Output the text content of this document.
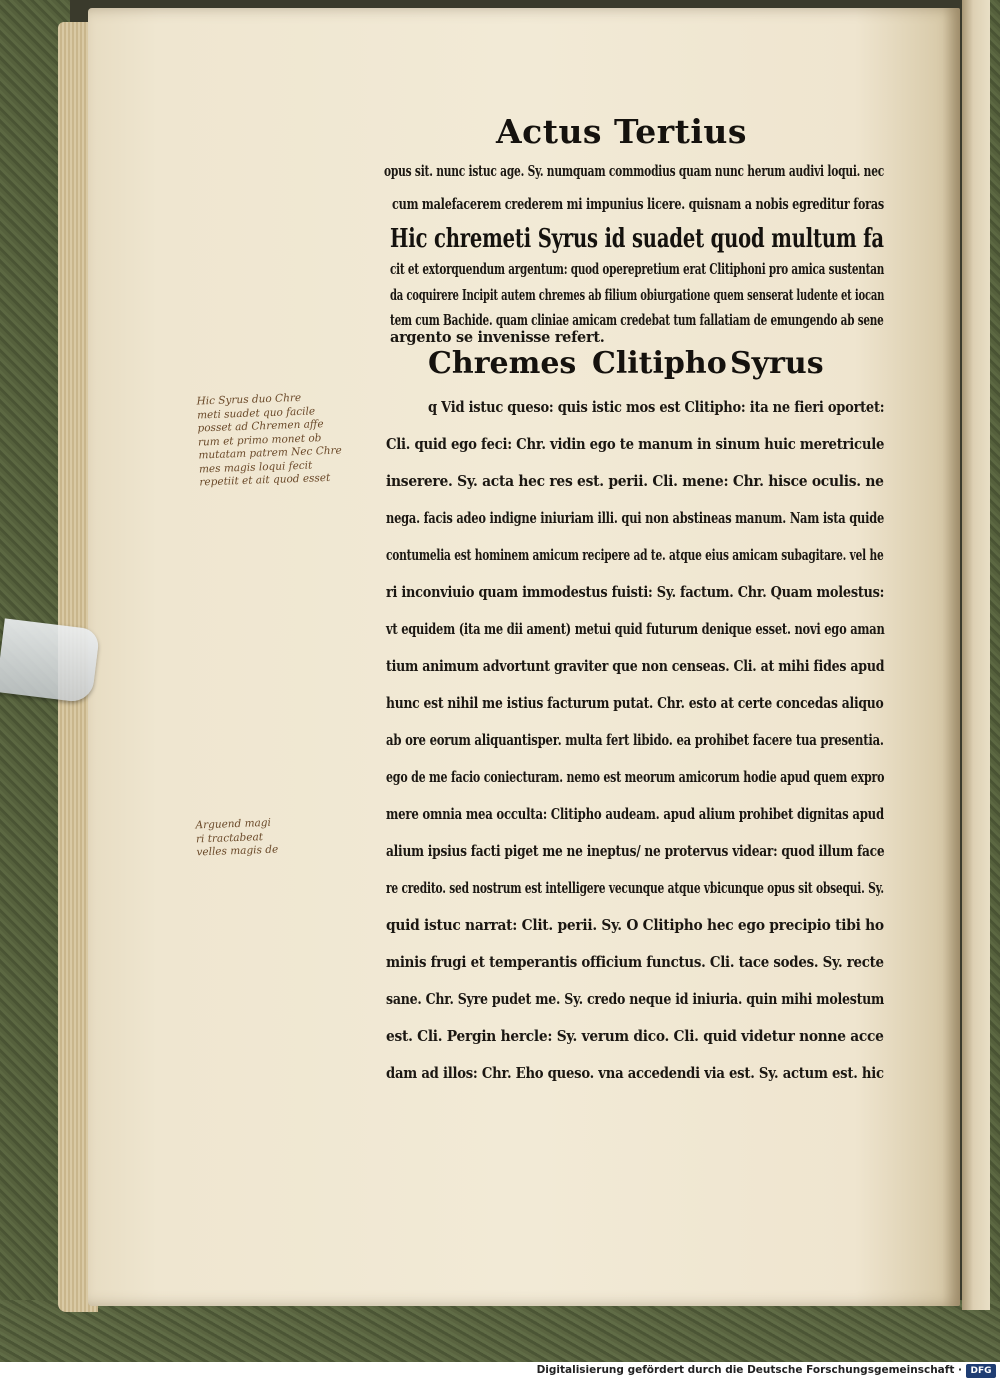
Actus Tertius
opus sit. nunc istuc age. Sy. numquam commodius quam nunc herum audivi loqui. nec
cum malefacerem crederem mi impunius licere. quisnam a nobis egreditur foras
Hic chremeti Syrus id suadet quod multum fa
cit et extorquendum argentum: quod operepretium erat Clitiphoni pro amica sustentan
da coquirere Incipit autem chremes ab filium obiurgatione quem senserat ludente et iocan
tem cum Bachide. quam cliniae amicam credebat tum fallatiam de emungendo ab sene
argento se invenisse refert.
Chremes Clitipho Syrus
q Vid istuc queso: quis istic mos est Clitipho: ita ne fieri oportet:
Cli. quid ego feci: Chr. vidin ego te manum in sinum huic meretricule
inserere. Sy. acta hec res est. perii. Cli. mene: Chr. hisce oculis. ne
nega. facis adeo indigne iniuriam illi. qui non abstineas manum. Nam ista quide
contumelia est hominem amicum recipere ad te. atque eius amicam subagitare. vel he
ri inconviuio quam immodestus fuisti: Sy. factum. Chr. Quam molestus:
vt equidem (ita me dii ament) metui quid futurum denique esset. novi ego aman
tium animum advortunt graviter que non censeas. Cli. at mihi fides apud
hunc est nihil me istius facturum putat. Chr. esto at certe concedas aliquo
ab ore eorum aliquantisper. multa fert libido. ea prohibet facere tua presentia.
ego de me facio coniecturam. nemo est meorum amicorum hodie apud quem expro
mere omnia mea occulta: Clitipho audeam. apud alium prohibet dignitas apud
alium ipsius facti piget me ne ineptus/ ne protervus videar: quod illum face
re credito. sed nostrum est intelligere vecunque atque vbicunque opus sit obsequi. Sy.
quid istuc narrat: Clit. perii. Sy. O Clitipho hec ego precipio tibi ho
minis frugi et temperantis officium functus. Cli. tace sodes. Sy. recte
sane. Chr. Syre pudet me. Sy. credo neque id iniuria. quin mihi molestum
est. Cli. Pergin hercle: Sy. verum dico. Cli. quid videtur nonne acce
dam ad illos: Chr. Eho queso. vna accedendi via est. Sy. actum est. hic
Hic Syrus duo Chre
meti suadet quo facile
posset ad Chremen affe
rum et primo monet ob
mutatam patrem Nec Chre
mes magis loqui fecit
repetiit et ait quod esset
Arguend magi
ri tractabeat
velles magis de
Digitalisierung gefördert durch die Deutsche Forschungsgemeinschaft · DFG
